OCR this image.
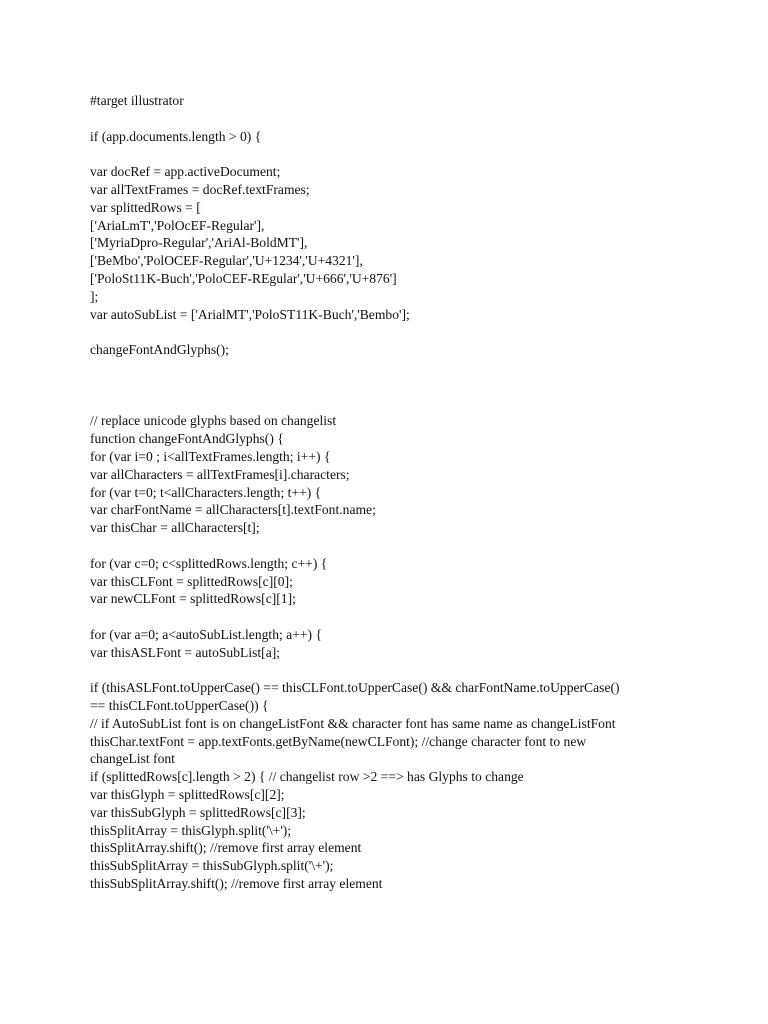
#target illustrator
if (app.documents.length > 0) {
var docRef = app.activeDocument;
var allTextFrames = docRef.textFrames;
var splittedRows = [
['AriaLmT','PolOcEF-Regular'],
['MyriaDpro-Regular','AriAl-BoldMT'],
['BeMbo','PolOCEF-Regular','U+1234','U+4321'],
['PoloSt11K-Buch','PoloCEF-REgular','U+666','U+876']
];
var autoSubList = ['ArialMT','PoloST11K-Buch','Bembo'];
changeFontAndGlyphs();
// replace unicode glyphs based on changelist
function changeFontAndGlyphs() {
for (var i=0 ; i<allTextFrames.length; i++) {
var allCharacters = allTextFrames[i].characters;
for (var t=0; t<allCharacters.length; t++) {
var charFontName = allCharacters[t].textFont.name;
var thisChar = allCharacters[t];
for (var c=0; c<splittedRows.length; c++) {
var thisCLFont = splittedRows[c][0];
var newCLFont = splittedRows[c][1];
for (var a=0; a<autoSubList.length; a++) {
var thisASLFont = autoSubList[a];
if (thisASLFont.toUpperCase() == thisCLFont.toUpperCase() && charFontName.toUpperCase()
== thisCLFont.toUpperCase()) {
// if AutoSubList font is on changeListFont && character font has same name as changeListFont
thisChar.textFont = app.textFonts.getByName(newCLFont); //change character font to new
changeList font
if (splittedRows[c].length > 2) { // changelist row >2 ==> has Glyphs to change
var thisGlyph = splittedRows[c][2];
var thisSubGlyph = splittedRows[c][3];
thisSplitArray = thisGlyph.split('\+');
thisSplitArray.shift(); //remove first array element
thisSubSplitArray = thisSubGlyph.split('\+');
thisSubSplitArray.shift(); //remove first array element
